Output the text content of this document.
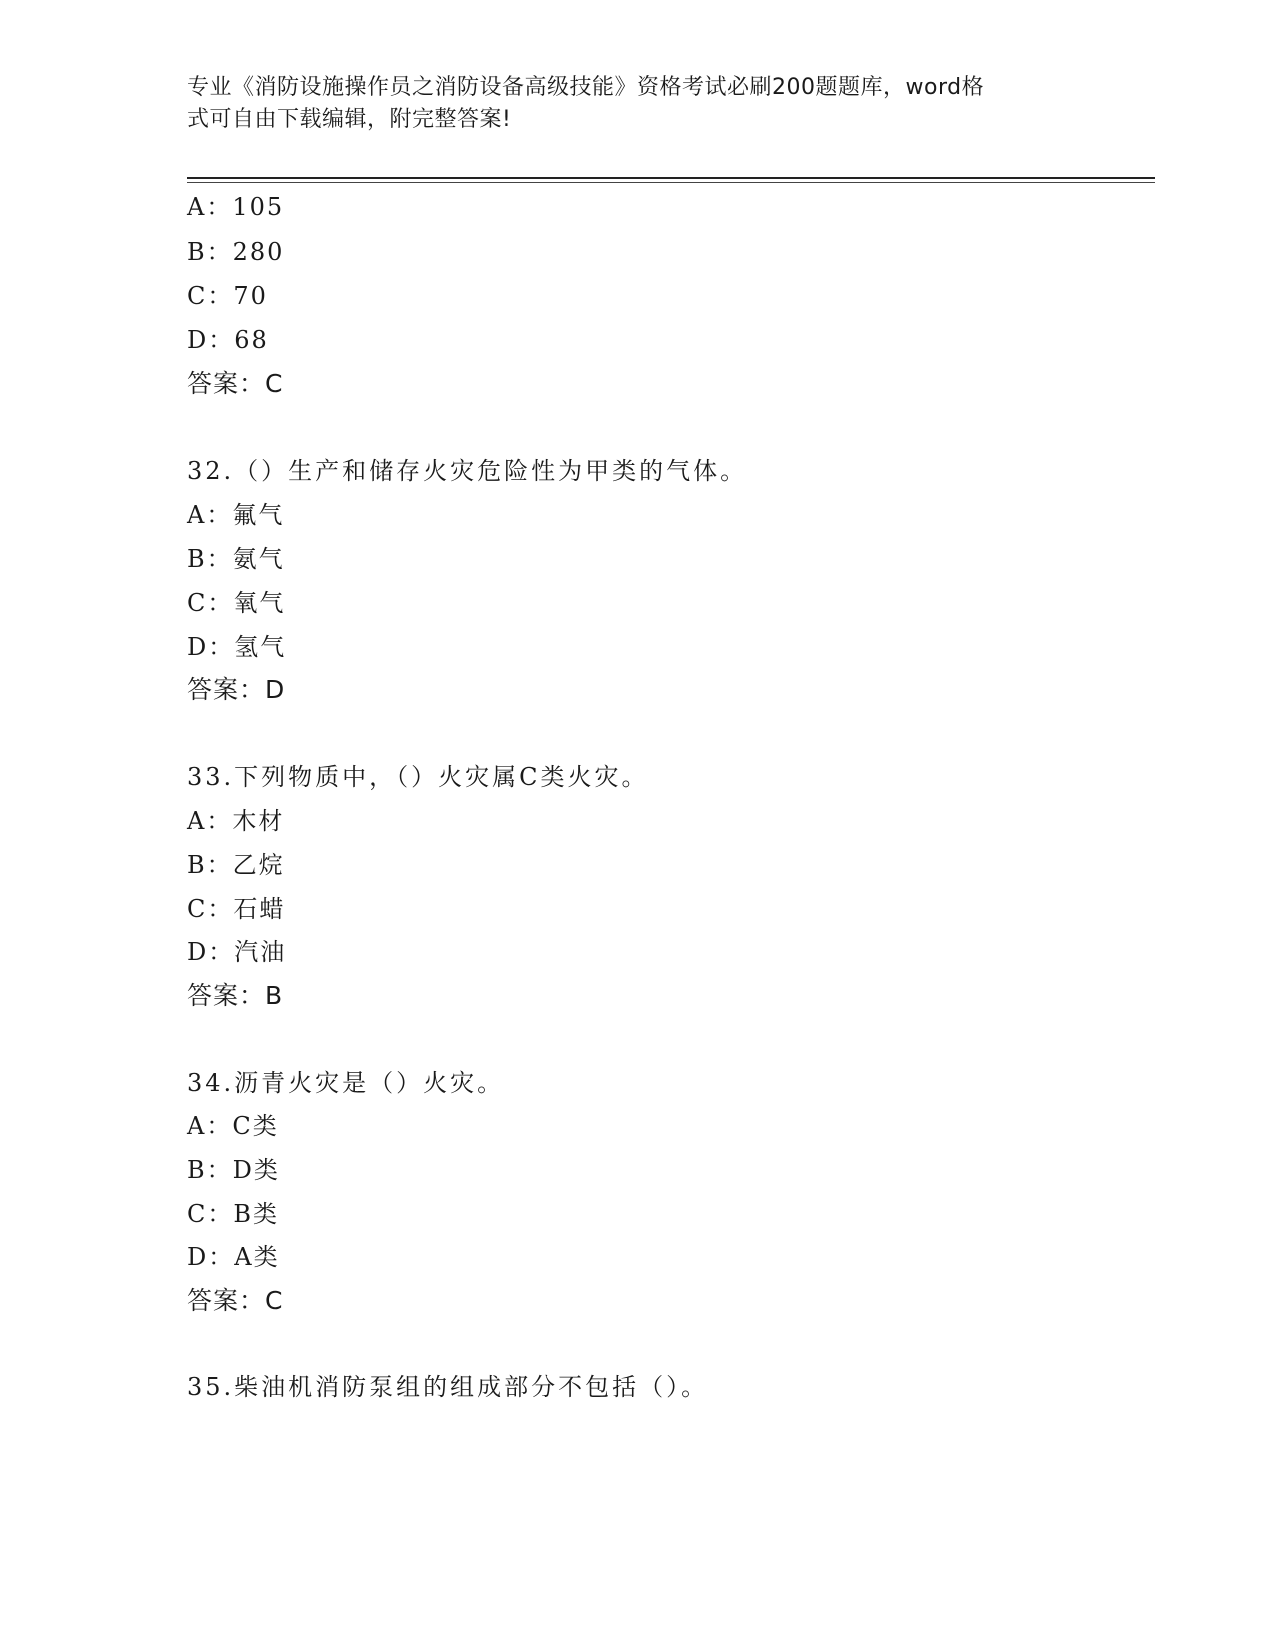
专业《消防设施操作员之消防设备高级技能》资格考试必刷200题题库，word格
式可自由下载编辑，附完整答案!
A：105
B：280
C：70
D：68
答案：C
32.（）生产和储存火灾危险性为甲类的气体。
A：氟气
B：氨气
C：氧气
D：氢气
答案：D
33.下列物质中，（）火灾属C类火灾。
A：木材
B：乙烷
C：石蜡
D：汽油
答案：B
34.沥青火灾是（）火灾。
A：C类
B：D类
C：B类
D：A类
答案：C
35.柴油机消防泵组的组成部分不包括（）。
